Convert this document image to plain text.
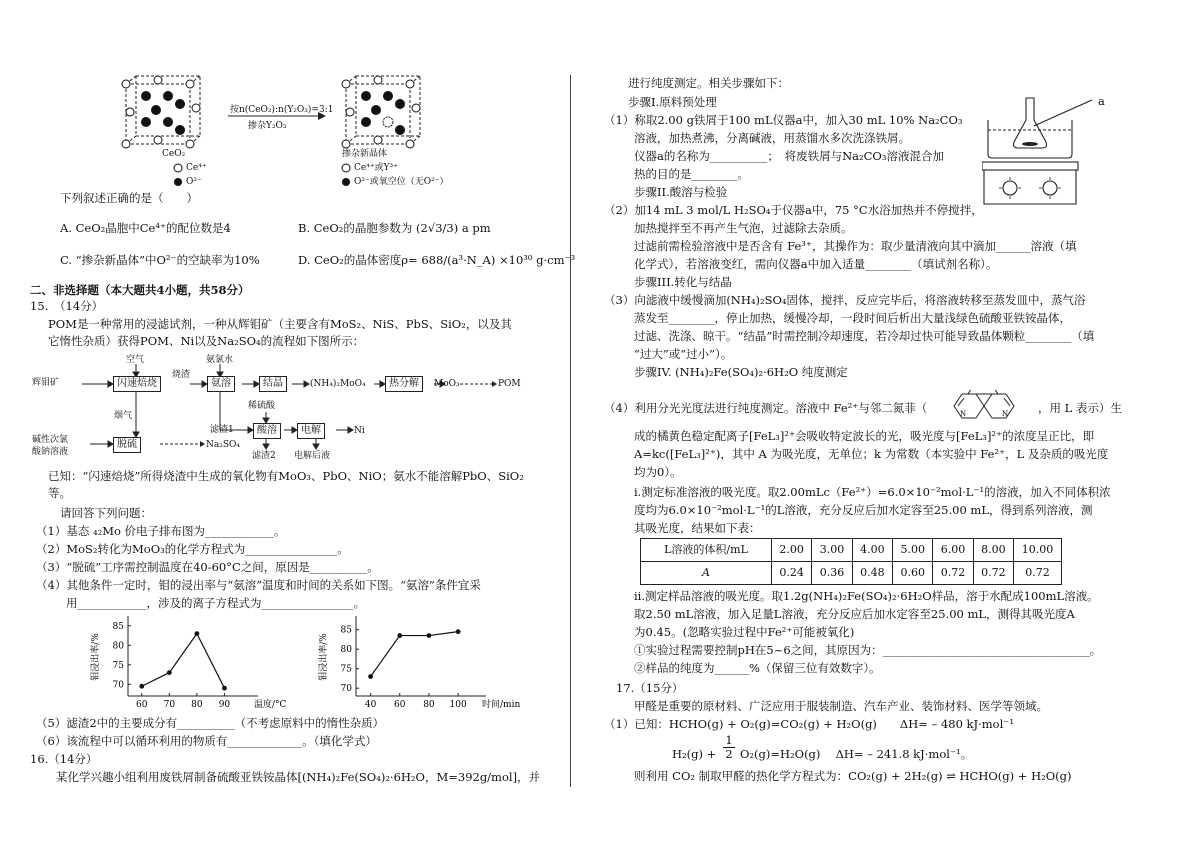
按n(CeO₂):n(Y₂O₃)=3:1
掺杂Y₂O₃
CeO₂	掺杂新晶体
Ce⁴⁺
O²⁻
Ce⁴⁺或Y³⁺
O²⁻或氧空位（无O²⁻）
下列叙述正确的是（　　）
A. CeO₂晶胞中Ce⁴⁺的配位数是4	B. CeO₂的晶胞参数为 (2√3/3) a pm
C. “掺杂新晶体”中O²⁻的空缺率为10%	D. CeO₂的晶体密度ρ= 688/(a³·N_A) ×10³⁰ g·cm⁻³
二、非选择题（本大题共4小题，共58分）
15.　（14分）
POM是一种常用的浸滤试剂，一种从辉钼矿（主要含有MoS₂、NiS、PbS、SiO₂，以及其
它惰性杂质）获得POM、Ni以及Na₂SO₄的流程如下图所示：
辉钼矿
空气
闪速焙烧
烧渣
氨氯水
氨溶	结晶	(NH₄)₂MoO₄	热分解	MoO₃	POM
烟气
碱性次氯
酸钠溶液
脱硫	Na₂SO₄
滤渣1
稀硫酸
酸溶
滤渣2
电解	Ni
电解后液
已知：“闪速焙烧”所得烧渣中生成的氧化物有MoO₃、PbO、NiO；氨水不能溶解PbO、SiO₂
等。
请回答下列问题：
（1）基态 ₄₂Mo 价电子排布图为____________。
（2）MoS₂转化为MoO₃的化学方程式为________________。
（3）“脱硫”工序需控制温度在40-60°C之间，原因是__________。
（4）其他条件一定时，钼的浸出率与“氨溶”温度和时间的关系如下图。“氨溶”条件宜采
用____________，涉及的离子方程式为________________。
70
75
80
85
60 70 80 90	温度/°C
钼浸出率/%
70
75
80
85
40 60 80 100 时间/min
钼浸出率/%
（5）滤渣2中的主要成分有__________（不考虑原料中的惰性杂质）
（6）该流程中可以循环利用的物质有_____________。（填化学式）
16.（14分）
某化学兴趣小组利用废铁屑制备硫酸亚铁铵晶体[(NH₄)₂Fe(SO₄)₂·6H₂O，M=392g/mol]，并
进行纯度测定。相关步骤如下：
步骤I.原料预处理
（1）称取2.00 g铁屑于100 mL仪器a中，加入30 mL 10% Na₂CO₃
溶液，加热煮沸，分离碱液，用蒸馏水多次洗涤铁屑。
仪器a的名称为__________；　将废铁屑与Na₂CO₃溶液混合加
热的目的是________。
步骤II.酸溶与检验
（2）加14 mL 3 mol/L H₂SO₄于仪器a中，75 °C水浴加热并不停搅拌，
加热搅拌至不再产生气泡，过滤除去杂质。
过滤前需检验溶液中是否含有 Fe³⁺，其操作为：取少量清液向其中滴加______溶液（填
化学式），若溶液变红，需向仪器a中加入适量________（填试剂名称）。
步骤III.转化与结晶
（3）向滤液中缓慢滴加(NH₄)₂SO₄固体，搅拌，反应完毕后，将溶液转移至蒸发皿中，蒸气浴
蒸发至________，停止加热，缓慢冷却，一段时间后析出大量浅绿色硫酸亚铁铵晶体，
过滤、洗涤、晾干。“结晶”时需控制冷却速度，若冷却过快可能导致晶体颗粒________（填
“过大”或“过小”）。
步骤IV. (NH₄)₂Fe(SO₄)₂·6H₂O 纯度测定
a
（4）利用分光光度法进行纯度测定。溶液中 Fe²⁺与邻二氮菲（	N	N	，用 L 表示）生
成的橘黄色稳定配离子[FeL₃]²⁺会吸收特定波长的光，吸光度与[FeL₃]²⁺的浓度呈正比，即
A=kc([FeL₃]²⁺)，其中 A 为吸光度，无单位；k 为常数（本实验中 Fe²⁺，L 及杂质的吸光度
均为0）。
i.测定标准溶液的吸光度。取2.00mLc（Fe²⁺）=6.0×10⁻²mol·L⁻¹的溶液，加入不同体积浓
度均为6.0×10⁻²mol·L⁻¹的L溶液，充分反应后加水定容至25.00 mL，得到系列溶液，测
其吸光度，结果如下表：
L溶液的体积/mL	2.00	3.00	4.00	5.00	6.00	8.00	10.00
A	0.24	0.36	0.48	0.60	0.72	0.72	0.72
ii.测定样品溶液的吸光度。取1.2g(NH₄)₂Fe(SO₄)₂·6H₂O样品，溶于水配成100mL溶液。
取2.50 mL溶液，加入足量L溶液，充分反应后加水定容至25.00 mL，测得其吸光度A
为0.45。(忽略实验过程中Fe²⁺可能被氧化)
①实验过程需要控制pH在5~6之间，其原因为：____________________________________。
②样品的纯度为______%（保留三位有效数字）。
17.（15分）
甲醛是重要的原材料、广泛应用于服装制造、汽车产业、装饰材料、医学等领域。
（1）已知：HCHO(g) + O₂(g)=CO₂(g) + H₂O(g)　　ΔH= – 480 kJ·mol⁻¹
$H_2(g) + \frac{1}{2} O_2(g)=H_2O(g)$　 ΔH= – 241.8 kJ·mol⁻¹。
则利用 CO₂ 制取甲醛的热化学方程式为：CO₂(g) + 2H₂(g) ⇌ HCHO(g) + H₂O(g)
